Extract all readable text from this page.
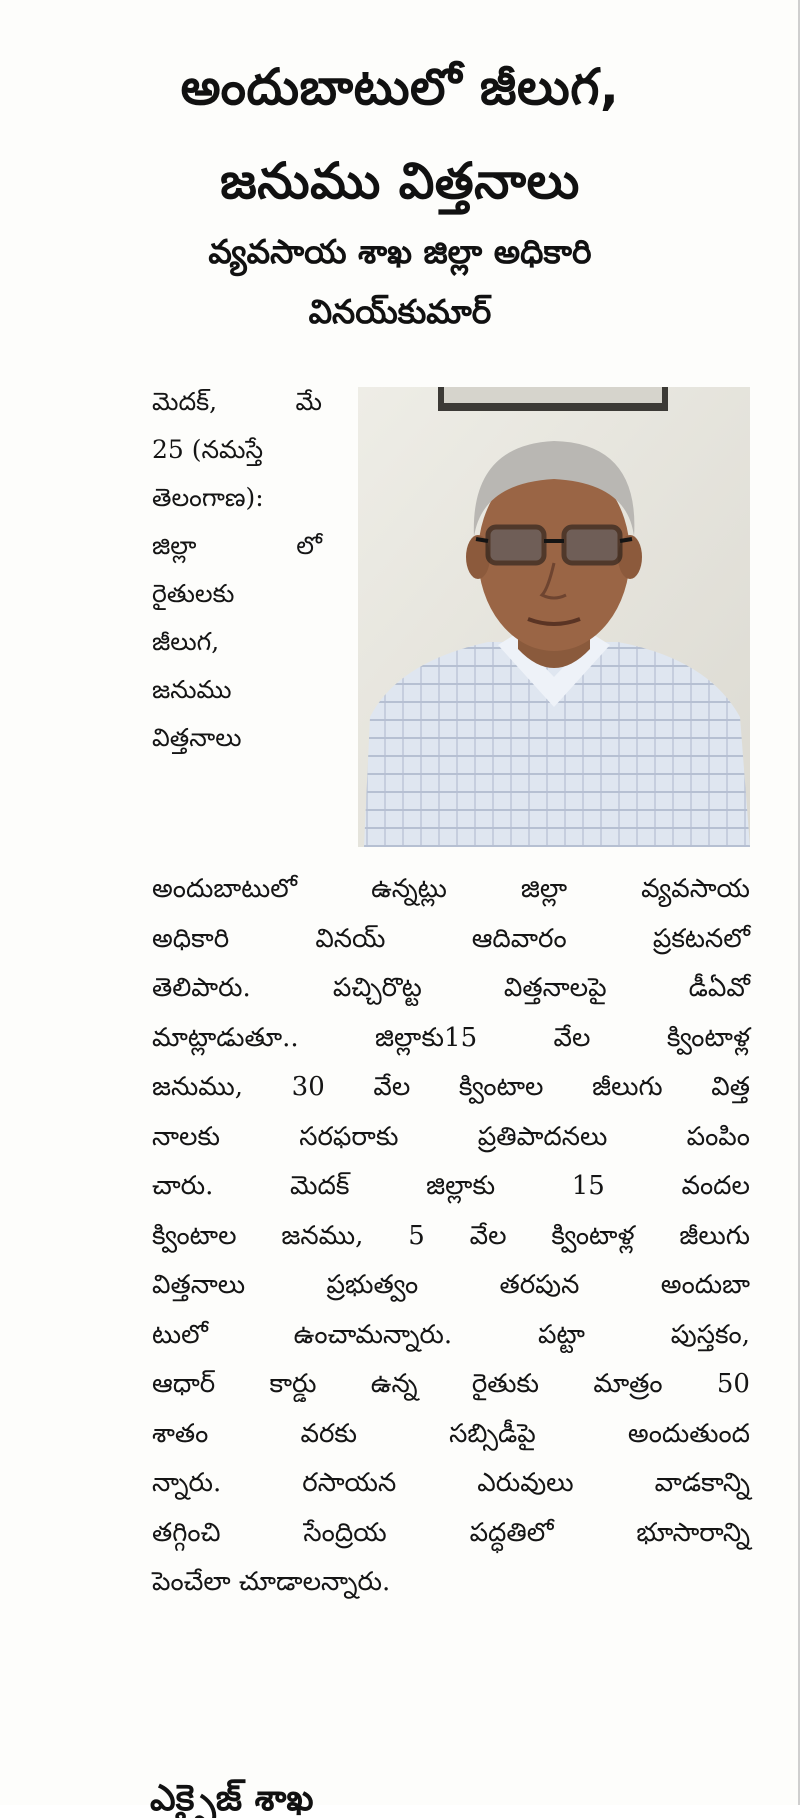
అందుబాటులో జీలుగ,
జనుము విత్తనాలు
వ్యవసాయ శాఖ జిల్లా అధికారి
వినయ్‌కుమార్
మెదక్,	మే
25 (నమస్తే
తెలంగాణ):
జిల్లా	లో
రైతులకు
జీలుగ,
జనుము
విత్తనాలు
అందుబాటులో	ఉన్నట్లు	జిల్లా	వ్యవసాయ
అధికారి	వినయ్	ఆదివారం	ప్రకటనలో
తెలిపారు.	పచ్చిరొట్ట	విత్తనాలపై	డీఏవో
మాట్లాడుతూ..	జిల్లాకు15	వేల	క్వింటాళ్ల
జనుము, 30 వేల క్వింటాల జీలుగు విత్త
నాలకు	సరఫరాకు	ప్రతిపాదనలు	పంపిం
చారు.	మెదక్	జిల్లాకు	15	వందల
క్వింటాల జనము, 5 వేల క్వింటాళ్ల జీలుగు
విత్తనాలు	ప్రభుత్వం	తరపున	అందుబా
టులో	ఉంచామన్నారు.	పట్టా	పుస్తకం,
ఆధార్ కార్డు ఉన్న రైతుకు మాత్రం 50
శాతం	వరకు	సబ్సిడీపై	అందుతుంద
న్నారు.	రసాయన	ఎరువులు	వాడకాన్ని
తగ్గించి	సేంద్రియ	పద్ధతిలో	భూసారాన్ని
పెంచేలా చూడాలన్నారు.
ఎక్సైజ్ శాఖ
